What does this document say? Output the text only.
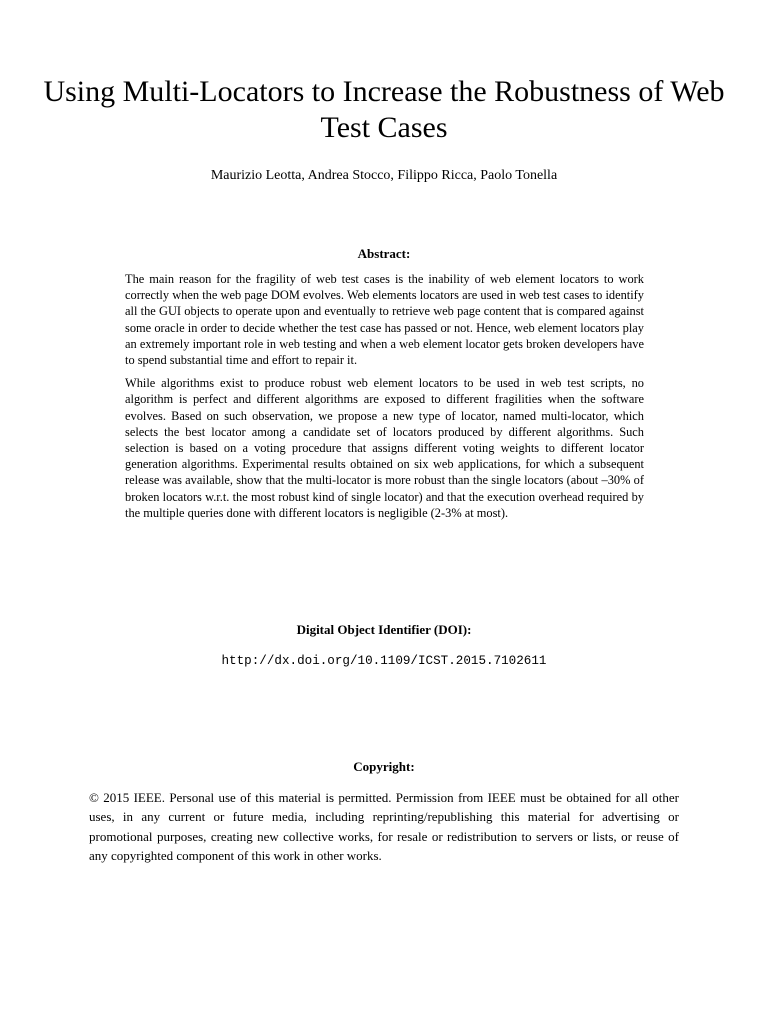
Using Multi-Locators to Increase the Robustness of Web Test Cases
Maurizio Leotta, Andrea Stocco, Filippo Ricca, Paolo Tonella
Abstract:

The main reason for the fragility of web test cases is the inability of web element locators to work correctly when the web page DOM evolves. Web elements locators are used in web test cases to identify all the GUI objects to operate upon and eventually to retrieve web page content that is compared against some oracle in order to decide whether the test case has passed or not. Hence, web element locators play an extremely important role in web testing and when a web element locator gets broken developers have to spend substantial time and effort to repair it.

While algorithms exist to produce robust web element locators to be used in web test scripts, no algorithm is perfect and different algorithms are exposed to different fragilities when the software evolves. Based on such observation, we propose a new type of locator, named multi-locator, which selects the best locator among a candidate set of locators produced by different algorithms. Such selection is based on a voting procedure that assigns different voting weights to different locator generation algorithms. Experimental results obtained on six web applications, for which a subsequent release was available, show that the multi-locator is more robust than the single locators (about –30% of broken locators w.r.t. the most robust kind of single locator) and that the execution overhead required by the multiple queries done with different locators is negligible (2-3% at most).

Digital Object Identifier (DOI):
http://dx.doi.org/10.1109/ICST.2015.7102611
Copyright:

© 2015 IEEE. Personal use of this material is permitted. Permission from IEEE must be obtained for all other uses, in any current or future media, including reprinting/republishing this material for advertising or promotional purposes, creating new collective works, for resale or redistribution to servers or lists, or reuse of any copyrighted component of this work in other works.
